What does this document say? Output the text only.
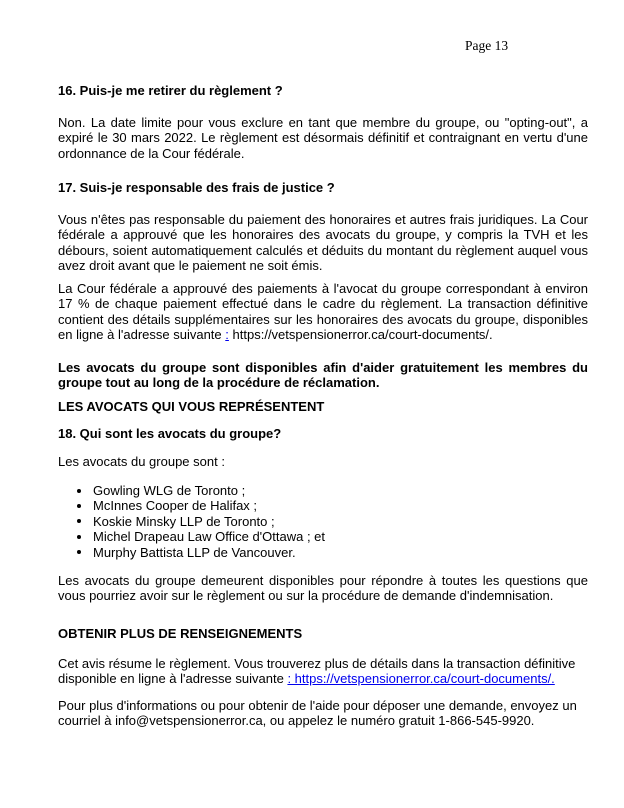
Page 13
16. Puis-je me retirer du règlement ?
Non. La date limite pour vous exclure en tant que membre du groupe, ou "opting-out", a expiré le 30 mars 2022. Le règlement est désormais définitif et contraignant en vertu d'une ordonnance de la Cour fédérale.
17. Suis-je responsable des frais de justice ?
Vous n'êtes pas responsable du paiement des honoraires et autres frais juridiques. La Cour fédérale a approuvé que les honoraires des avocats du groupe, y compris la TVH et les débours, soient automatiquement calculés et déduits du montant du règlement auquel vous avez droit avant que le paiement ne soit émis.
La Cour fédérale a approuvé des paiements à l'avocat du groupe correspondant à environ 17 % de chaque paiement effectué dans le cadre du règlement. La transaction définitive contient des détails supplémentaires sur les honoraires des avocats du groupe, disponibles en ligne à l'adresse suivante : https://vetspensionerror.ca/court-documents/.
Les avocats du groupe sont disponibles afin d'aider gratuitement les membres du groupe tout au long de la procédure de réclamation.
LES AVOCATS QUI VOUS REPRÉSENTENT
18. Qui sont les avocats du groupe?
Les avocats du groupe sont :
Gowling WLG de Toronto ;
McInnes Cooper de Halifax ;
Koskie Minsky LLP de Toronto ;
Michel Drapeau Law Office d'Ottawa ; et
Murphy Battista LLP de Vancouver.
Les avocats du groupe demeurent disponibles pour répondre à toutes les questions que vous pourriez avoir sur le règlement ou sur la procédure de demande d'indemnisation.
OBTENIR PLUS DE RENSEIGNEMENTS
Cet avis résume le règlement. Vous trouverez plus de détails dans la transaction définitive disponible en ligne à l'adresse suivante : https://vetspensionerror.ca/court-documents/.
Pour plus d'informations ou pour obtenir de l'aide pour déposer une demande, envoyez un courriel à info@vetspensionerror.ca, ou appelez le numéro gratuit 1-866-545-9920.
